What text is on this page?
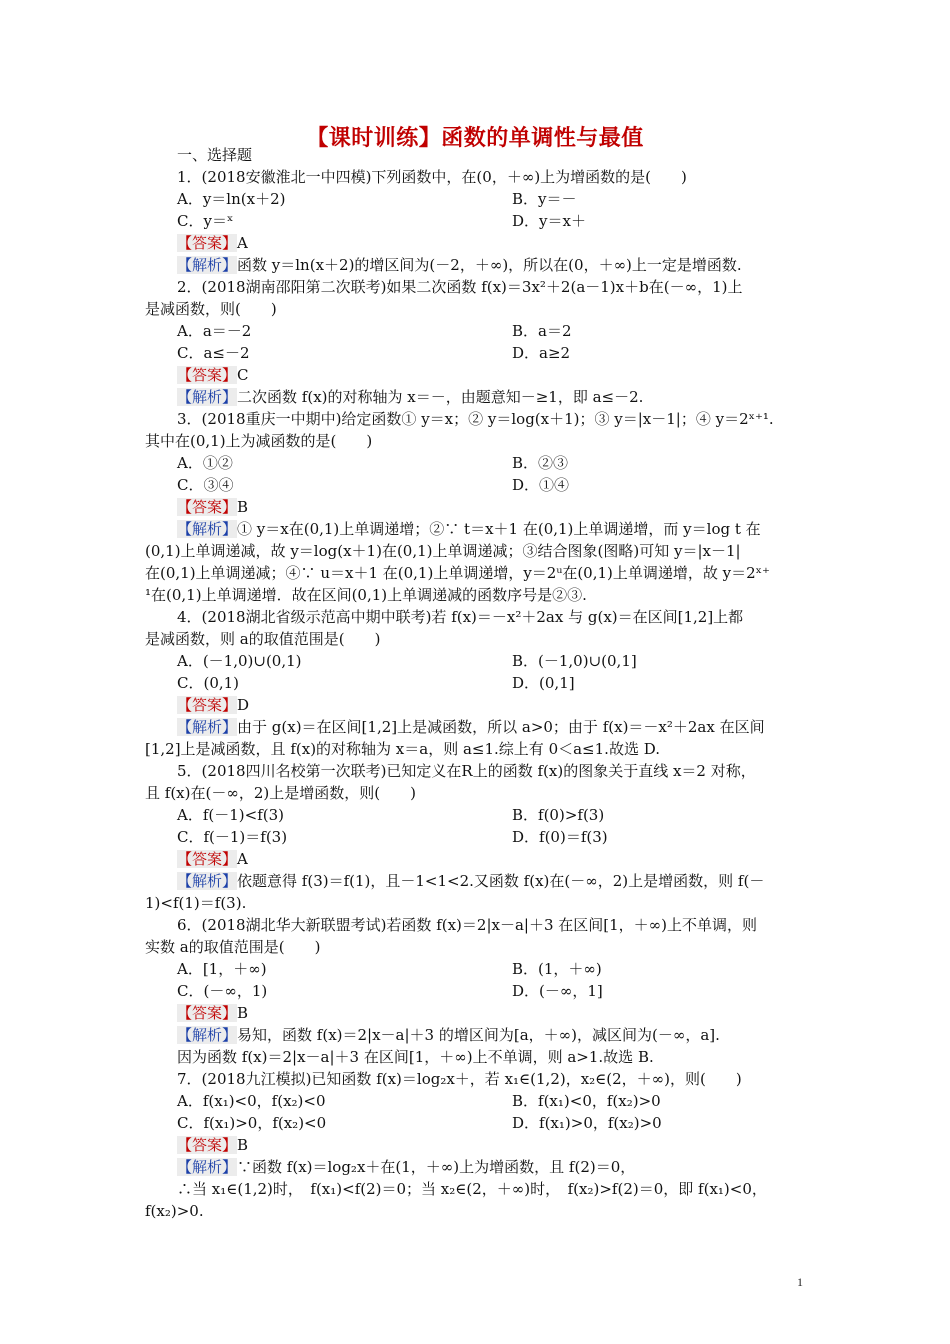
【课时训练】函数的单调性与最值
一、选择题
1．(2018安徽淮北一中四模)下列函数中，在(0，＋∞)上为增函数的是(　　)
A．y＝ln(x＋2)	B．y＝－
C．y＝ˣ	D．y＝x＋
【答案】A
【解析】函数 y＝ln(x＋2)的增区间为(－2，＋∞)，所以在(0，＋∞)上一定是增函数.
2．(2018湖南邵阳第二次联考)如果二次函数 f(x)＝3x²＋2(a－1)x＋b在(－∞，1)上
是减函数，则(　　)
A．a＝－2	B．a＝2
C．a≤－2	D．a≥2
【答案】C
【解析】二次函数 f(x)的对称轴为 x＝－，由题意知－≥1，即 a≤－2.
3．(2018重庆一中期中)给定函数① y＝x；② y＝log(x＋1)；③ y＝|x－1|；④ y＝2ˣ⁺¹.
其中在(0,1)上为减函数的是(　　)
A．①②	B．②③
C．③④	D．①④
【答案】B
【解析】① y＝x在(0,1)上单调递增；②∵ t＝x＋1 在(0,1)上单调递增，而 y＝log t 在
(0,1)上单调递减，故 y＝log(x＋1)在(0,1)上单调递减；③结合图象(图略)可知 y＝|x－1|
在(0,1)上单调递减；④∵ u＝x＋1 在(0,1)上单调递增，y＝2ᵘ在(0,1)上单调递增，故 y＝2ˣ⁺
¹在(0,1)上单调递增．故在区间(0,1)上单调递减的函数序号是②③.
4．(2018湖北省级示范高中期中联考)若 f(x)＝－x²＋2ax 与 g(x)＝在区间[1,2]上都
是减函数，则 a的取值范围是(　　)
A．(－1,0)∪(0,1)	B．(－1,0)∪(0,1]
C．(0,1)	D．(0,1]
【答案】D
【解析】由于 g(x)＝在区间[1,2]上是减函数，所以 a>0；由于 f(x)＝－x²＋2ax 在区间
[1,2]上是减函数，且 f(x)的对称轴为 x＝a，则 a≤1.综上有 0＜a≤1.故选 D.
5．(2018四川名校第一次联考)已知定义在R上的函数 f(x)的图象关于直线 x＝2 对称，
且 f(x)在(－∞，2)上是增函数，则(　　)
A．f(－1)<f(3)	B．f(0)>f(3)
C．f(－1)＝f(3)	D．f(0)＝f(3)
【答案】A
【解析】依题意得 f(3)＝f(1)，且－1<1<2.又函数 f(x)在(－∞，2)上是增函数，则 f(－
1)<f(1)＝f(3).
6．(2018湖北华大新联盟考试)若函数 f(x)＝2|x－a|＋3 在区间[1，＋∞)上不单调，则
实数 a的取值范围是(　　)
A．[1，＋∞)	B．(1，＋∞)
C．(－∞，1)	D．(－∞，1]
【答案】B
【解析】易知，函数 f(x)＝2|x－a|＋3 的增区间为[a，＋∞)，减区间为(－∞，a].
因为函数 f(x)＝2|x－a|＋3 在区间[1，＋∞)上不单调，则 a>1.故选 B.
7．(2018九江模拟)已知函数 f(x)＝log₂x＋，若 x₁∈(1,2)，x₂∈(2，＋∞)，则(　　)
A．f(x₁)<0，f(x₂)<0	B．f(x₁)<0，f(x₂)>0
C．f(x₁)>0，f(x₂)<0	D．f(x₁)>0，f(x₂)>0
【答案】B
【解析】∵函数 f(x)＝log₂x＋在(1，＋∞)上为增函数，且 f(2)＝0，
∴当 x₁∈(1,2)时，　f(x₁)<f(2)＝0；当 x₂∈(2，＋∞)时，　f(x₂)>f(2)＝0，即 f(x₁)<0，
f(x₂)>0.
1
